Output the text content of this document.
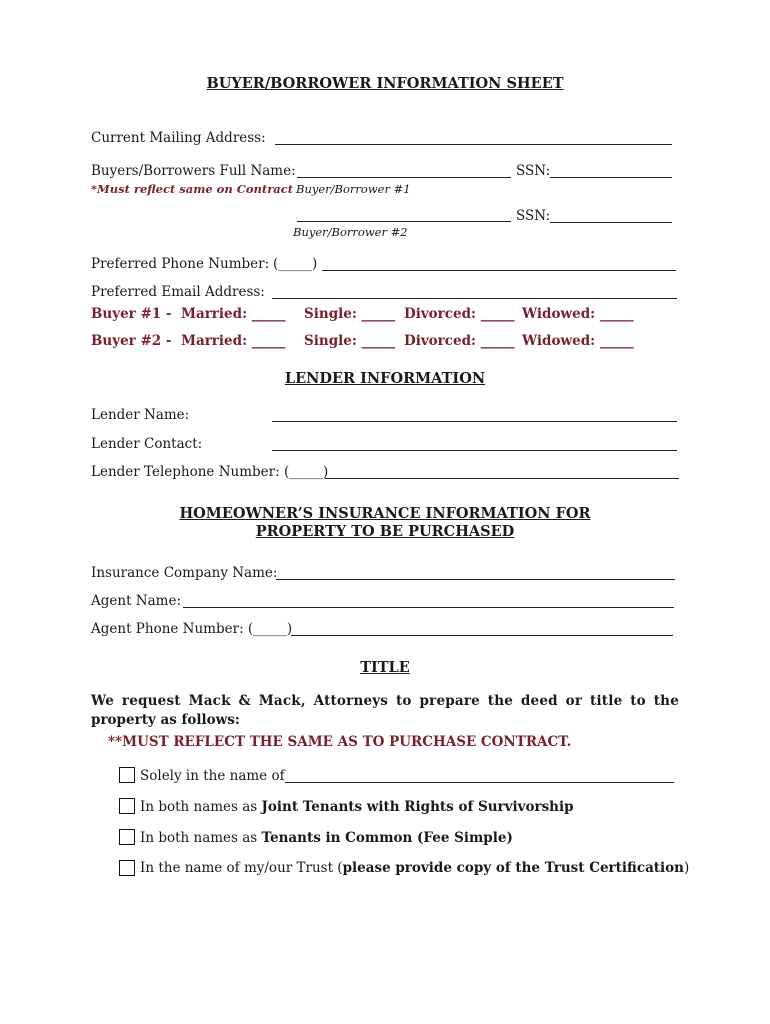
BUYER/BORROWER INFORMATION SHEET
Current Mailing Address:
Buyers/Borrowers Full Name:	SSN:
*Must reflect same on Contract Buyer/Borrower #1
SSN:
Buyer/Borrower #2
Preferred Phone Number: (_____)
Preferred Email Address:
Buyer #1 - Married: _____ Single: _____ Divorced: _____ Widowed: _____
Buyer #2 - Married: _____ Single: _____ Divorced: _____ Widowed: _____
LENDER INFORMATION
Lender Name:
Lender Contact:
Lender Telephone Number: (_____)
HOMEOWNER’S INSURANCE INFORMATION FOR
PROPERTY TO BE PURCHASED
Insurance Company Name:
Agent Name:
Agent Phone Number: (_____)
TITLE
We request Mack & Mack, Attorneys to prepare the deed or title to the
property as follows:
**MUST REFLECT THE SAME AS TO PURCHASE CONTRACT.
Solely in the name of
In both names as Joint Tenants with Rights of Survivorship
In both names as Tenants in Common (Fee Simple)
In the name of my/our Trust (please provide copy of the Trust Certification)
